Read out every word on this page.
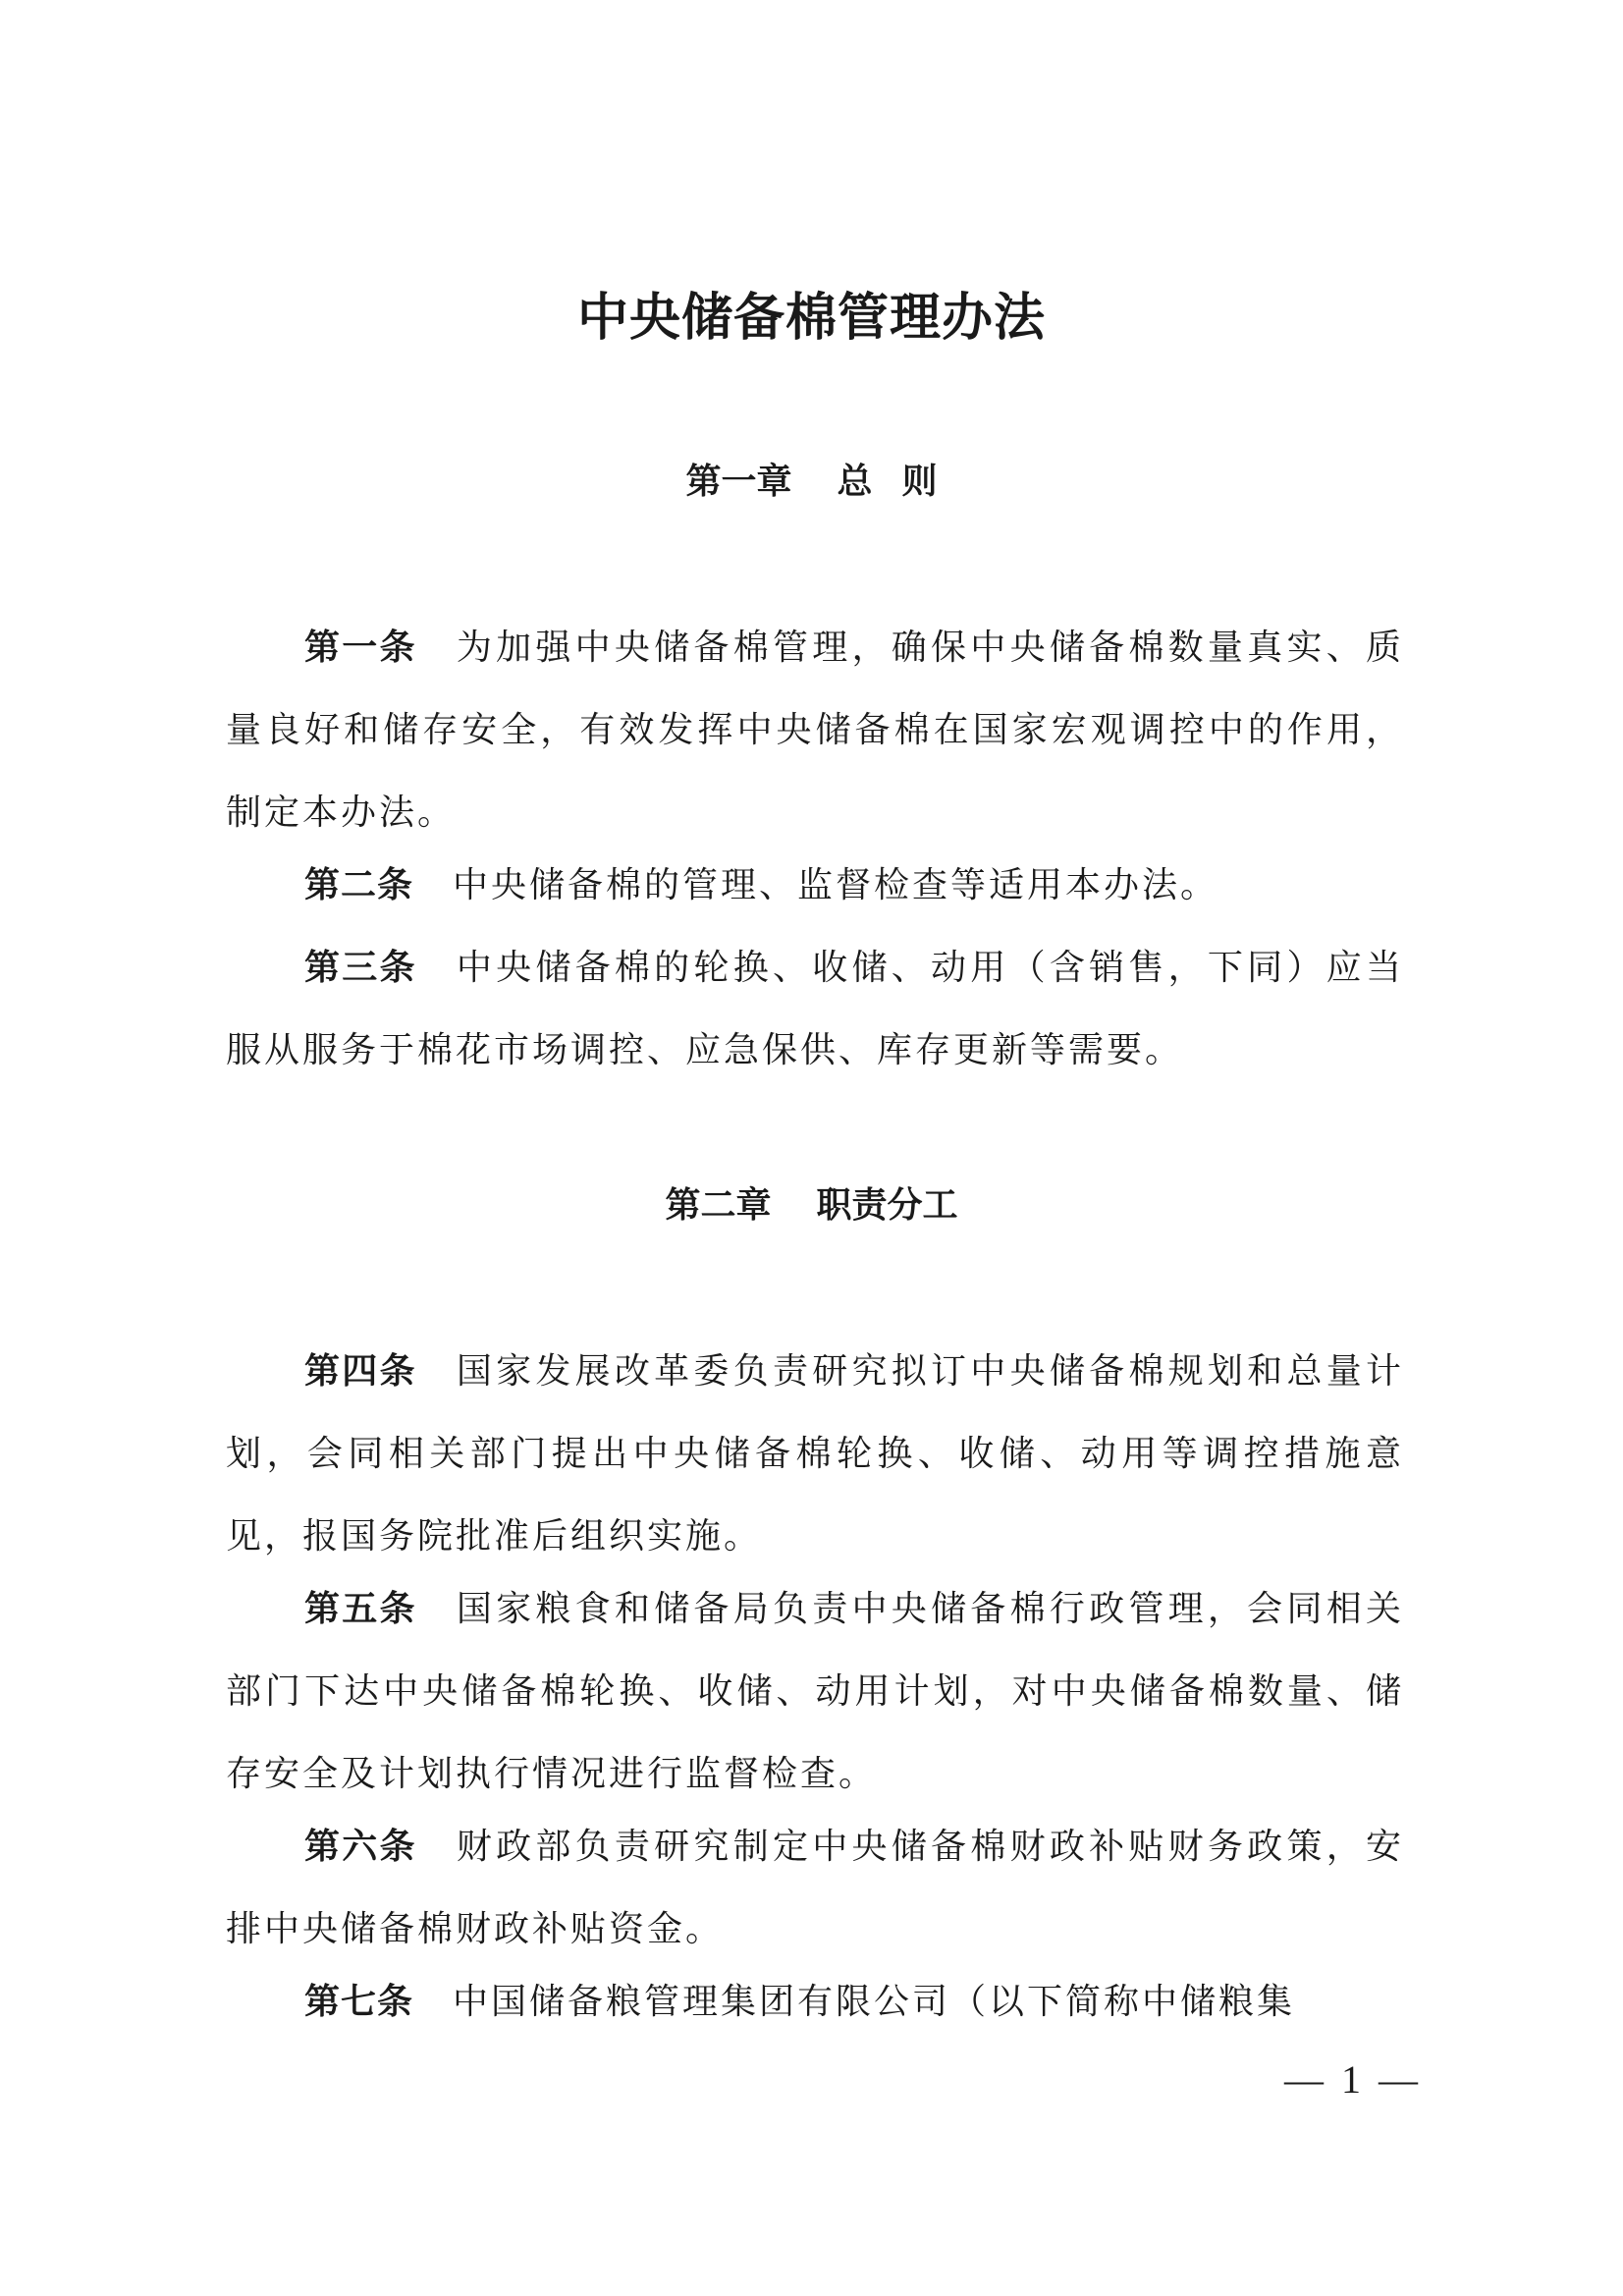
中央储备棉管理办法
第一章 总 则

第一条 为加强中央储备棉管理，确保中央储备棉数量真实、质量良好和储存安全，有效发挥中央储备棉在国家宏观调控中的作用，制定本办法。

第二条 中央储备棉的管理、监督检查等适用本办法。

第三条 中央储备棉的轮换、收储、动用（含销售，下同）应当服从服务于棉花市场调控、应急保供、库存更新等需要。

第二章 职责分工

第四条 国家发展改革委负责研究拟订中央储备棉规划和总量计划，会同相关部门提出中央储备棉轮换、收储、动用等调控措施意见，报国务院批准后组织实施。

第五条 国家粮食和储备局负责中央储备棉行政管理，会同相关部门下达中央储备棉轮换、收储、动用计划，对中央储备棉数量、储存安全及计划执行情况进行监督检查。

第六条 财政部负责研究制定中央储备棉财政补贴财务政策，安排中央储备棉财政补贴资金。

第七条 中国储备粮管理集团有限公司（以下简称中储粮集

— 1 —
